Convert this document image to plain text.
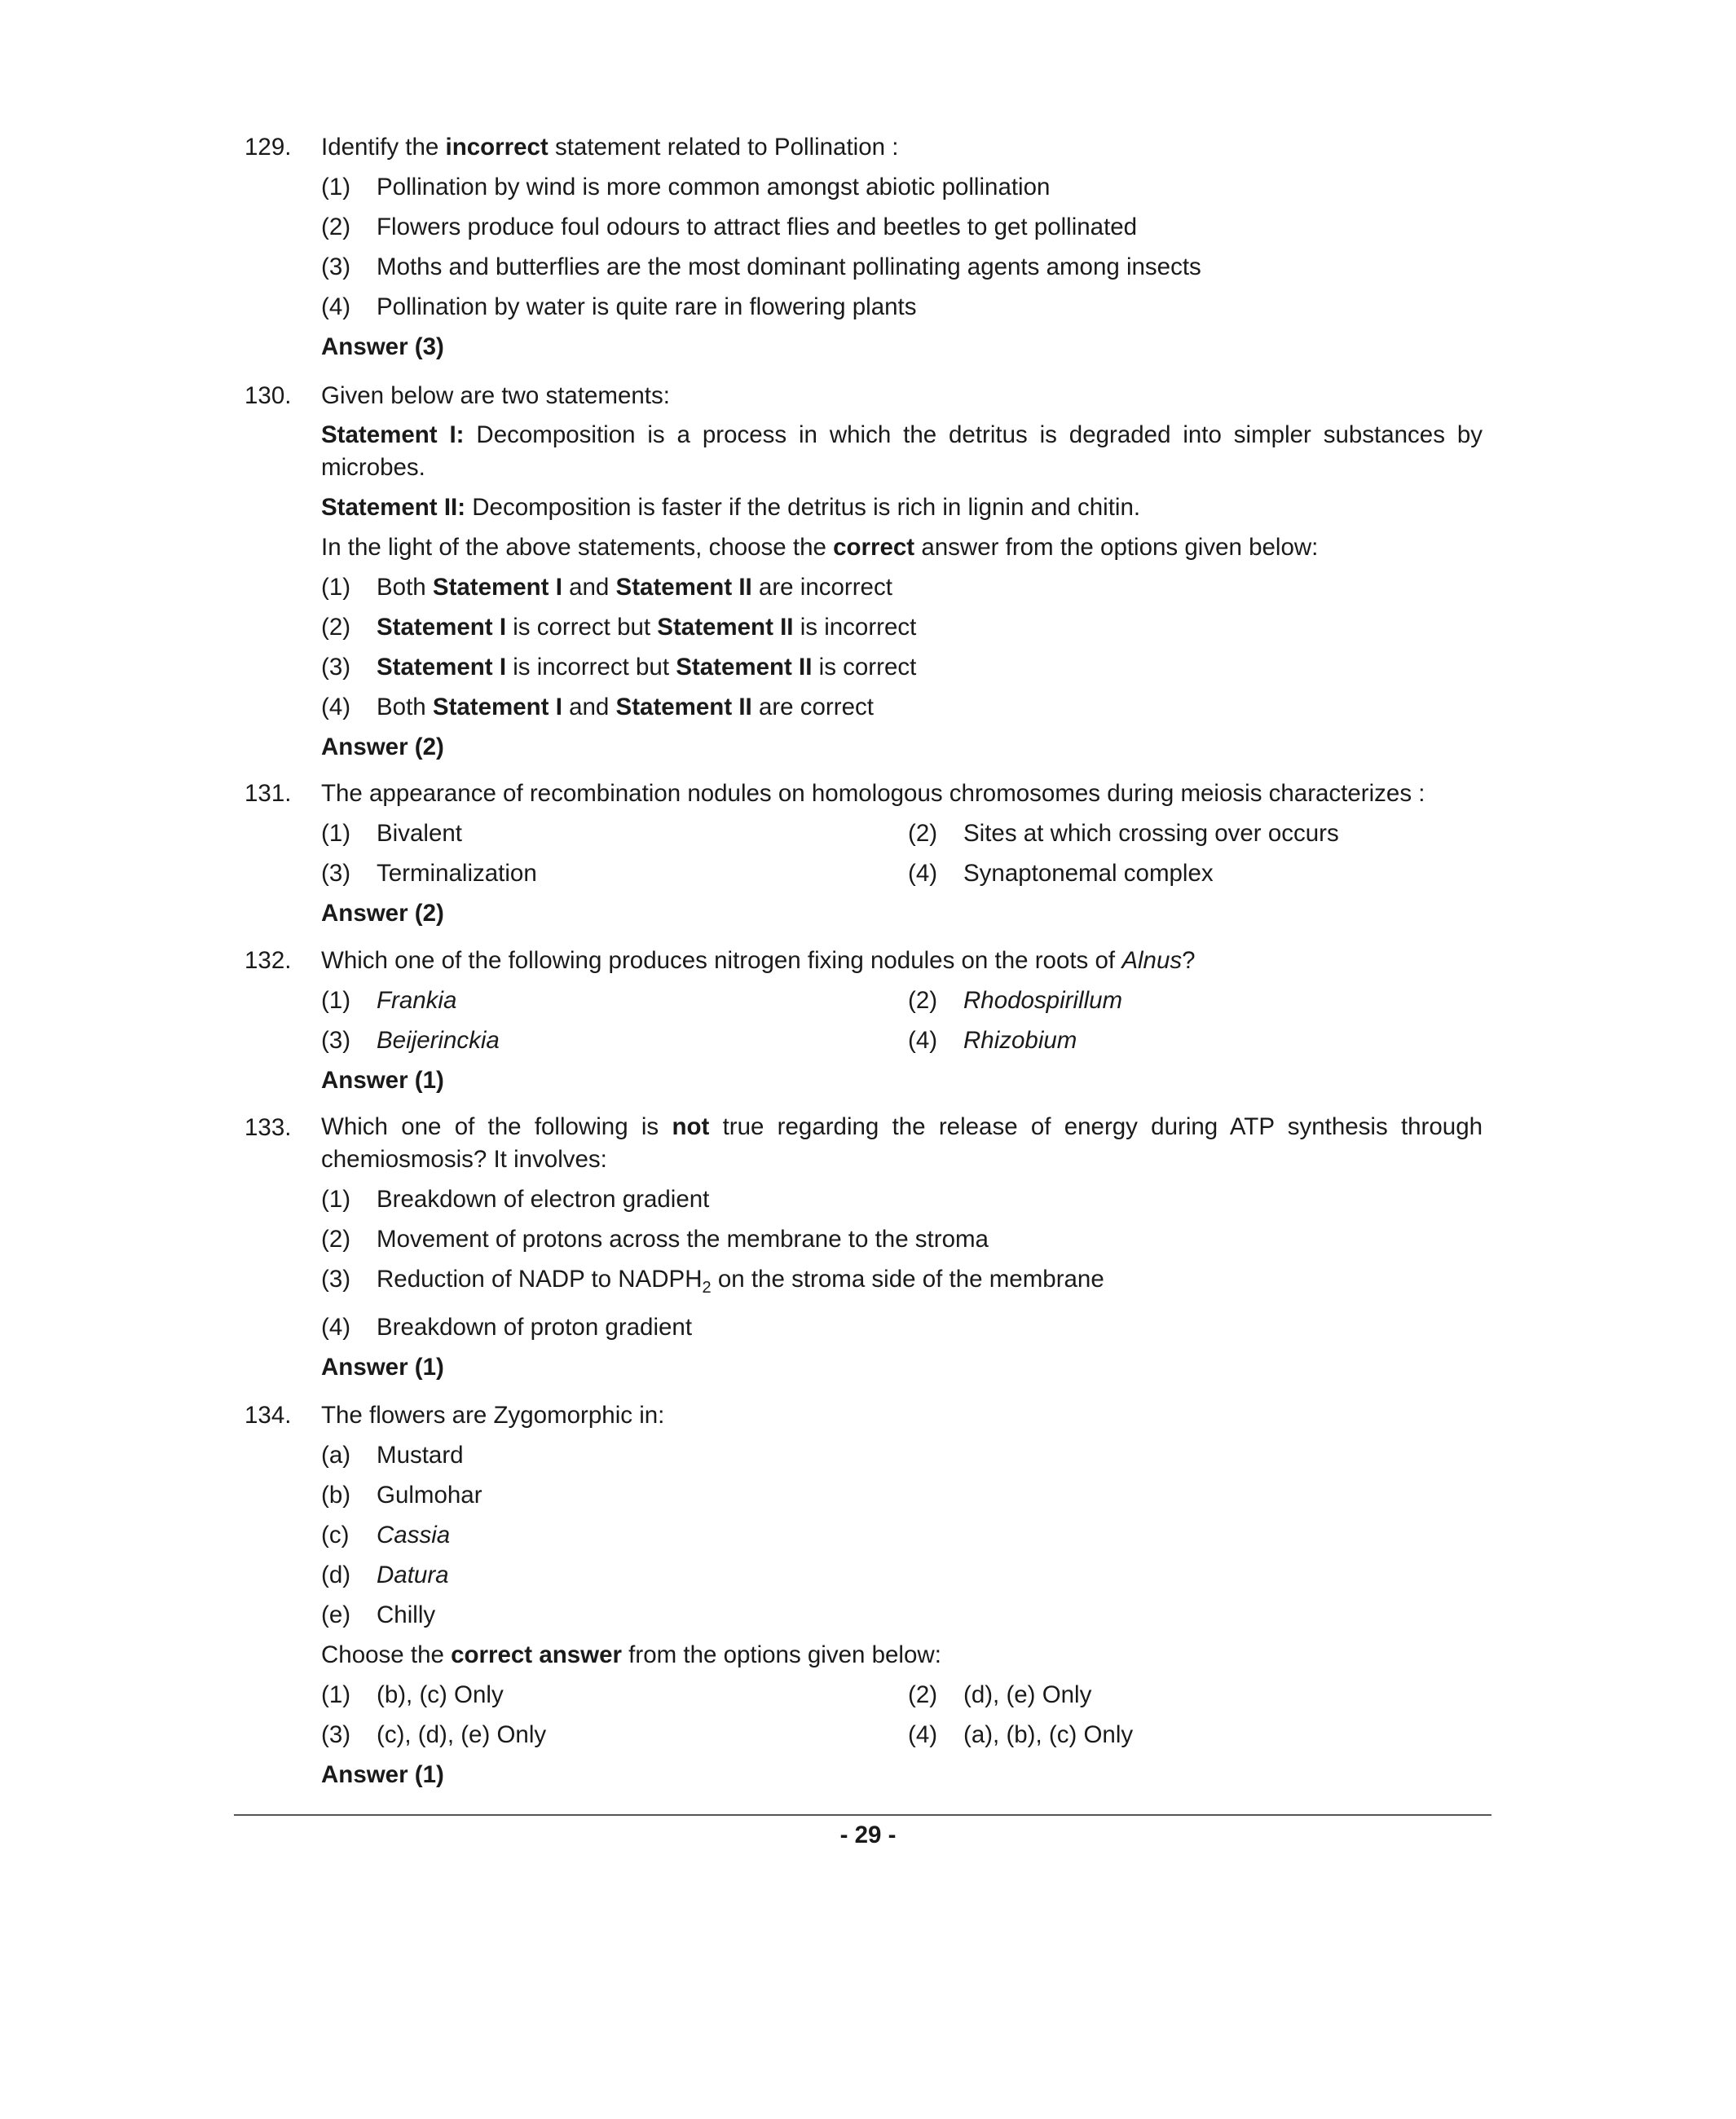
129. Identify the incorrect statement related to Pollination :
(1) Pollination by wind is more common amongst abiotic pollination
(2) Flowers produce foul odours to attract flies and beetles to get pollinated
(3) Moths and butterflies are the most dominant pollinating agents among insects
(4) Pollination by water is quite rare in flowering plants
Answer (3)
130. Given below are two statements:
Statement I: Decomposition is a process in which the detritus is degraded into simpler substances by microbes.
Statement II: Decomposition is faster if the detritus is rich in lignin and chitin.
In the light of the above statements, choose the correct answer from the options given below:
(1) Both Statement I and Statement II are incorrect
(2) Statement I is correct but Statement II is incorrect
(3) Statement I is incorrect but Statement II is correct
(4) Both Statement I and Statement II are correct
Answer (2)
131. The appearance of recombination nodules on homologous chromosomes during meiosis characterizes :
(1) Bivalent	(2) Sites at which crossing over occurs
(3) Terminalization	(4) Synaptonemal complex
Answer (2)
132. Which one of the following produces nitrogen fixing nodules on the roots of Alnus?
(1) Frankia	(2) Rhodospirillum
(3) Beijerinckia	(4) Rhizobium
Answer (1)
133. Which one of the following is not true regarding the release of energy during ATP synthesis through chemiosmosis? It involves:
(1) Breakdown of electron gradient
(2) Movement of protons across the membrane to the stroma
(3) Reduction of NADP to $NADPH_2$ on the stroma side of the membrane
(4) Breakdown of proton gradient
Answer (1)
134. The flowers are Zygomorphic in:
(a) Mustard
(b) Gulmohar
(c) Cassia
(d) Datura
(e) Chilly
Choose the correct answer from the options given below:
(1) (b), (c) Only	(2) (d), (e) Only
(3) (c), (d), (e) Only	(4) (a), (b), (c) Only
Answer (1)
- 29 -
